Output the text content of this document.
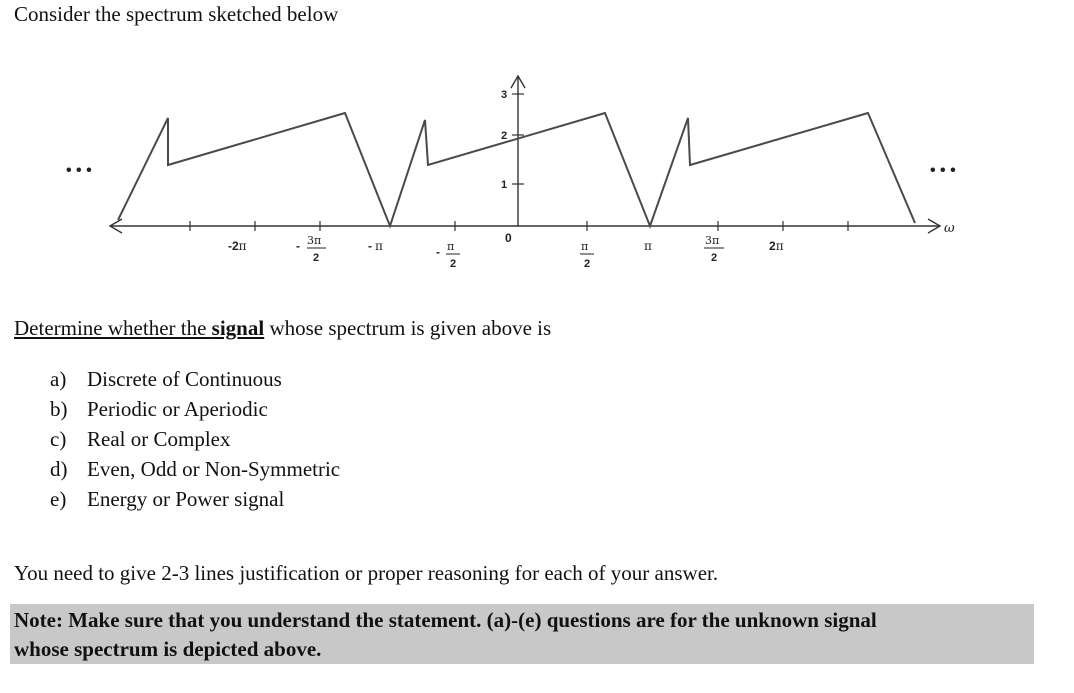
Consider the spectrum sketched below
• • •	• • •
ω
1
2
3
-2π	- 3π
2
- π	- π
2
0
π
2
π	3π
2
2π
Determine whether the signal whose spectrum is given above is
a) Discrete of Continuous
b) Periodic or Aperiodic
c) Real or Complex
d) Even, Odd or Non-Symmetric
e) Energy or Power signal
You need to give 2-3 lines justification or proper reasoning for each of your answer.
Note: Make sure that you understand the statement. (a)-(e) questions are for the unknown signal
whose spectrum is depicted above.
